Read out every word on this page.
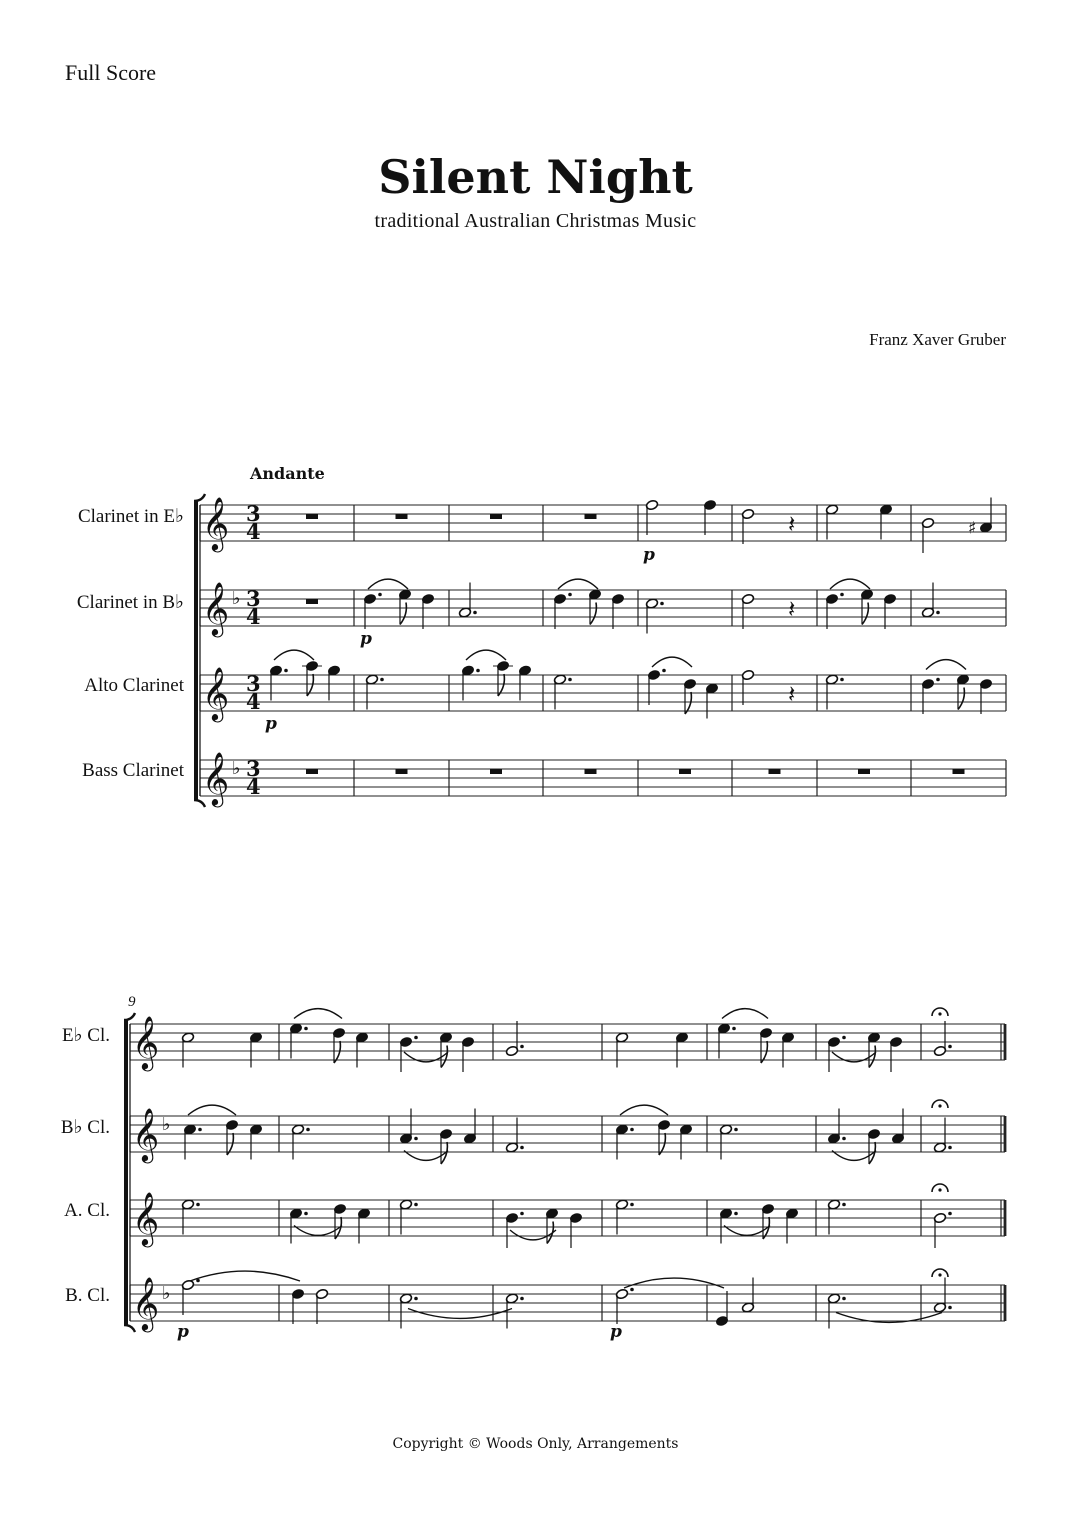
Full Score
Silent Night
traditional Australian Christmas Music
Franz Xaver Gruber
Andante
Clarinet in E♭
Clarinet in B♭
Alto Clarinet
Bass Clarinet
E♭ Cl.
B♭ Cl.
A. Cl.
B. Cl.
𝄞 3
4
𝄞 ♭ 3
4
𝄞 3
4
𝄞 ♭ 3
4
p
𝄽	♯
p
𝄽
p
𝄽
𝄞
𝄞 ♭
𝄞
𝄞 ♭
p	p
9
Copyright © Woods Only, Arrangements
